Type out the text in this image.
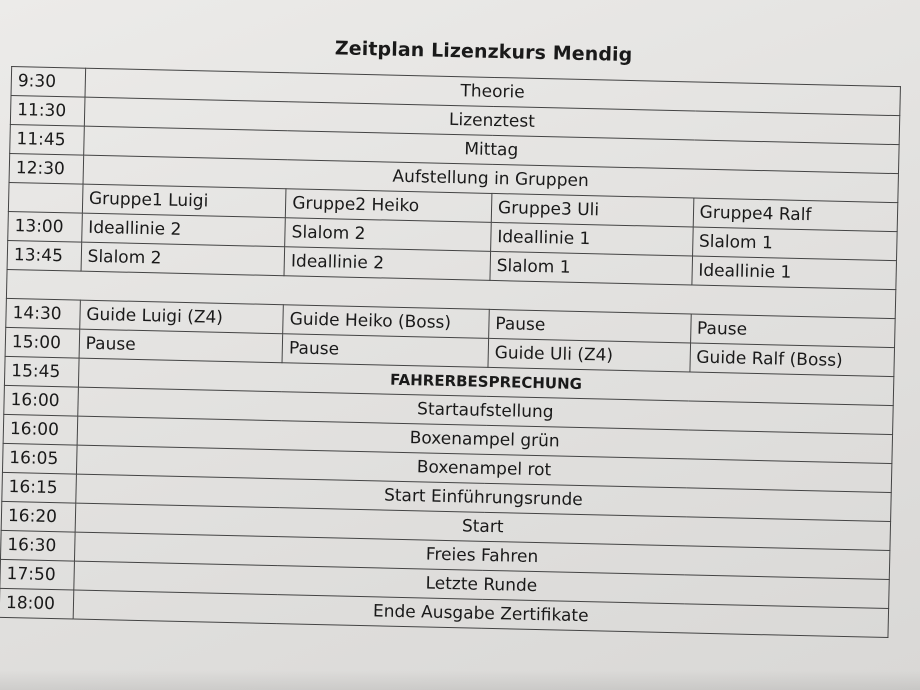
Zeitplan Lizenzkurs Mendig
9:30	Theorie			
11:30	Lizenztest			
11:45	Mittag			
12:30	Aufstellung in Gruppen			
	Gruppe1 Luigi	Gruppe2 Heiko	Gruppe3 Uli	Gruppe4 Ralf
13:00	Ideallinie 2	Slalom 2	Ideallinie 1	Slalom 1
13:45	Slalom 2	Ideallinie 2	Slalom 1	Ideallinie 1

14:30	Guide Luigi (Z4)	Guide Heiko (Boss)	Pause	Pause
15:00	Pause	Pause	Guide Uli (Z4)	Guide Ralf (Boss)
15:45	FAHRERBESPRECHUNG			
16:00	Startaufstellung			
16:00	Boxenampel grün			
16:05	Boxenampel rot			
16:15	Start Einführungsrunde			
16:20	Start			
16:30	Freies Fahren			
17:50	Letzte Runde			
18:00	Ende Ausgabe Zertifikate			
